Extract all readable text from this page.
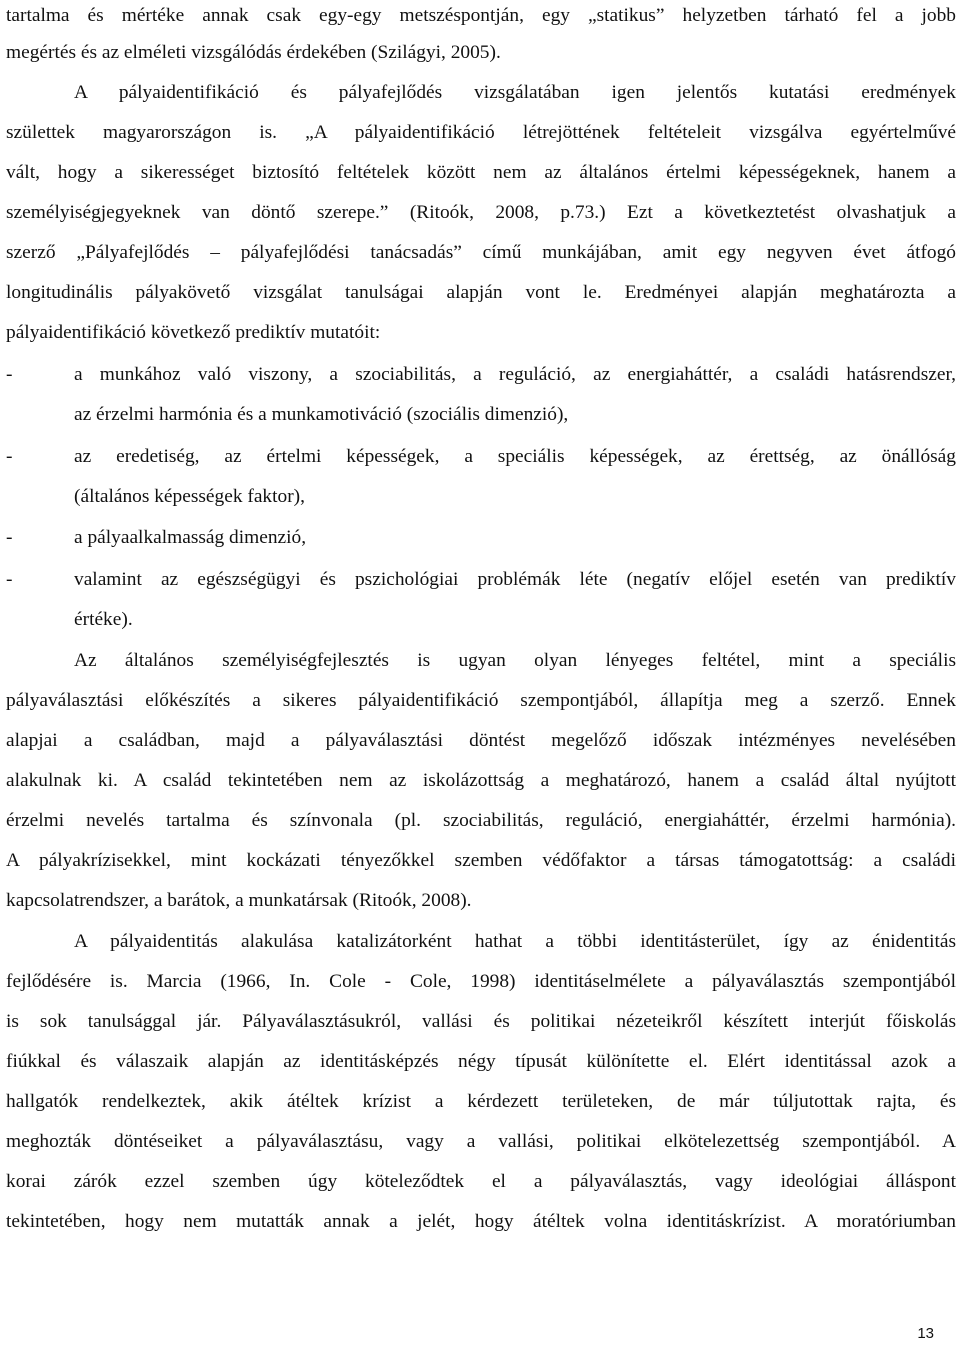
tartalma és mértéke annak csak egy-egy metszéspontján, egy „statikus” helyzetben tárható fel a jobb
megértés és az elméleti vizsgálódás érdekében (Szilágyi, 2005).
A pályaidentifikáció és pályafejlődés vizsgálatában igen jelentős kutatási eredmények
születtek magyarországon is. „A pályaidentifikáció létrejöttének feltételeit vizsgálva egyértelművé
vált, hogy a sikerességet biztosító feltételek között nem az általános értelmi képességeknek, hanem a
személyiségjegyeknek van döntő szerepe.” (Ritoók, 2008, p.73.) Ezt a következtetést olvashatjuk a
szerző „Pályafejlődés – pályafejlődési tanácsadás” című munkájában, amit egy negyven évet átfogó
longitudinális pályakövető vizsgálat tanulságai alapján vont le. Eredményei alapján meghatározta a
pályaidentifikáció következő prediktív mutatóit:
-	a munkához való viszony, a szociabilitás, a reguláció, az energiaháttér, a családi hatásrendszer,
az érzelmi harmónia és a munkamotiváció (szociális dimenzió),
-	az eredetiség, az értelmi képességek, a speciális képességek, az érettség, az önállóság
(általános képességek faktor),
-	a pályaalkalmasság dimenzió,
-	valamint az egészségügyi és pszichológiai problémák léte (negatív előjel esetén van prediktív
értéke).
Az általános személyiségfejlesztés is ugyan olyan lényeges feltétel, mint a speciális
pályaválasztási előkészítés a sikeres pályaidentifikáció szempontjából, állapítja meg a szerző. Ennek
alapjai a családban, majd a pályaválasztási döntést megelőző időszak intézményes nevelésében
alakulnak ki. A család tekintetében nem az iskolázottság a meghatározó, hanem a család által nyújtott
érzelmi nevelés tartalma és színvonala (pl. szociabilitás, reguláció, energiaháttér, érzelmi harmónia).
A pályakrízisekkel, mint kockázati tényezőkkel szemben védőfaktor a társas támogatottság: a családi
kapcsolatrendszer, a barátok, a munkatársak (Ritoók, 2008).
A pályaidentitás alakulása katalizátorként hathat a többi identitásterület, így az énidentitás
fejlődésére is. Marcia (1966, In. Cole - Cole, 1998) identitáselmélete a pályaválasztás szempontjából
is sok tanulsággal jár. Pályaválasztásukról, vallási és politikai nézeteikről készített interjút főiskolás
fiúkkal és válaszaik alapján az identitásképzés négy típusát különítette el. Elért identitással azok a
hallgatók rendelkeztek, akik átéltek krízist a kérdezett területeken, de már túljutottak rajta, és
meghozták döntéseiket a pályaválasztásu, vagy a vallási, politikai elkötelezettség szempontjából. A
korai zárók ezzel szemben úgy köteleződtek el a pályaválasztás, vagy ideológiai álláspont
tekintetében, hogy nem mutatták annak a jelét, hogy átéltek volna identitáskrízist. A moratóriumban
13
